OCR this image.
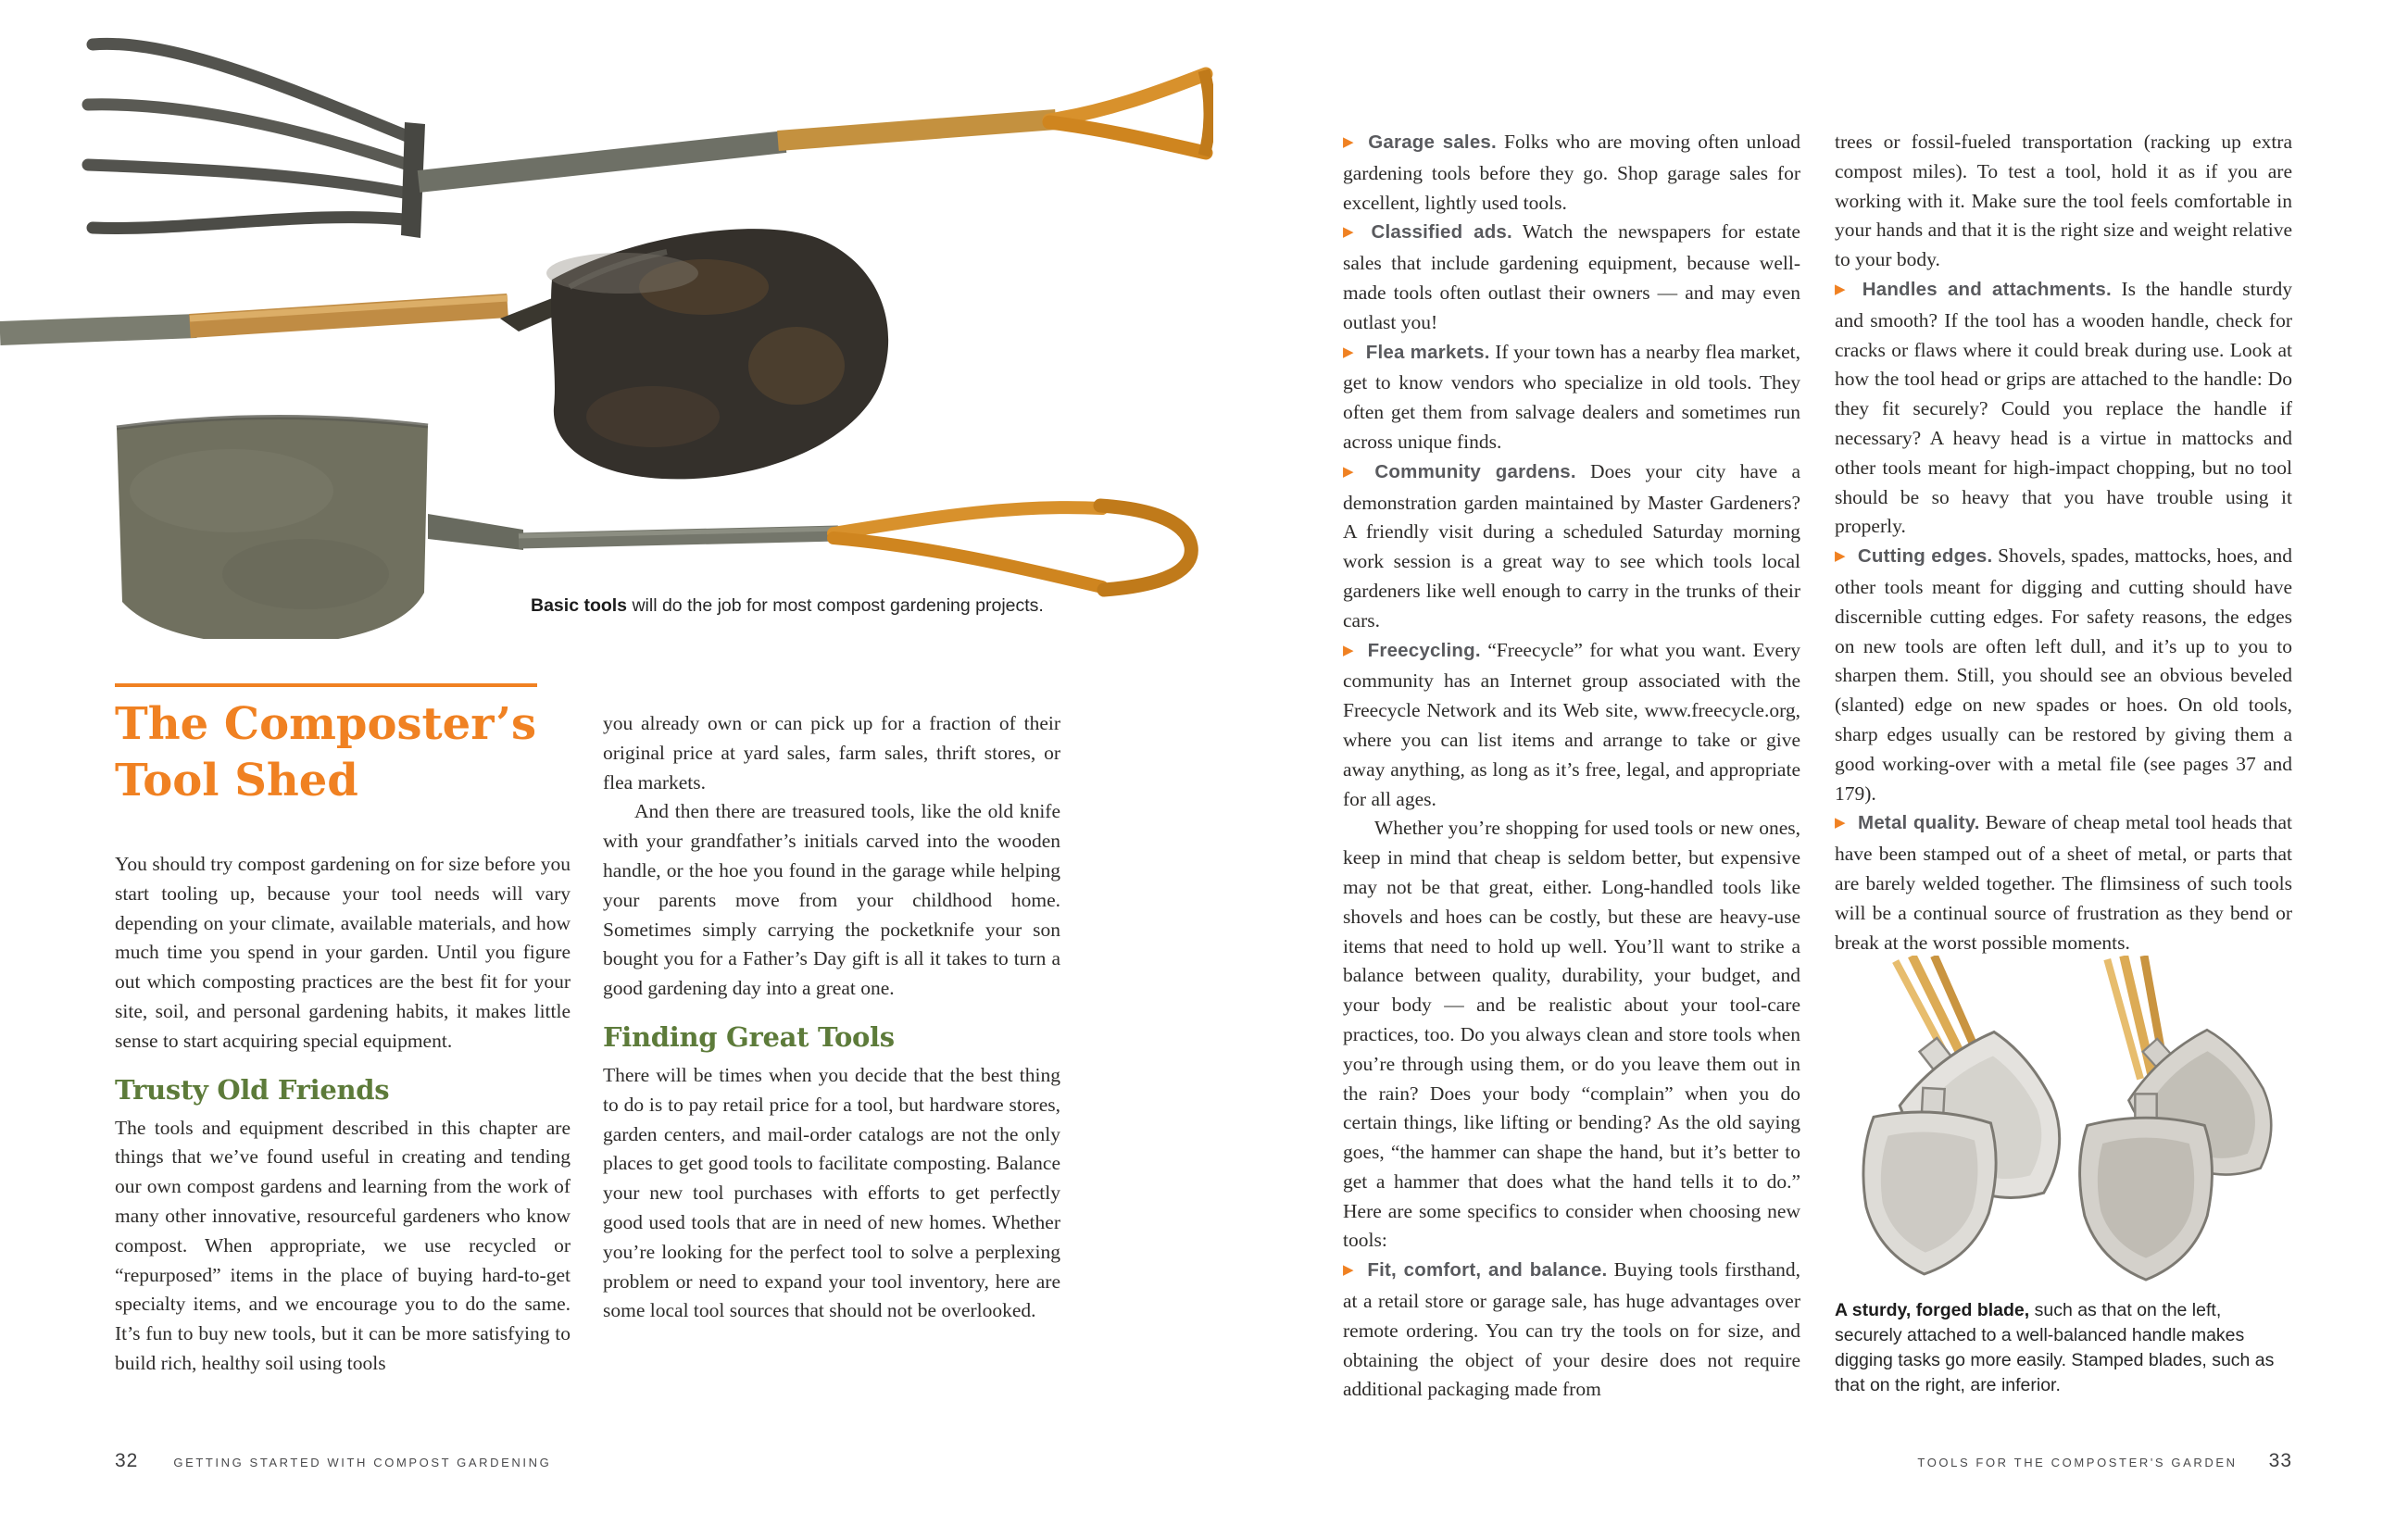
Basic tools will do the job for most compost gardening projects.

The Composter’s
Tool Shed

You should try compost gardening on for size before you start tooling up, because your tool needs will vary depending on your climate, available materials, and how much time you spend in your garden. Until you figure out which composting practices are the best fit for your site, soil, and personal gardening habits, it makes little sense to start acquiring special equipment.

Trusty Old Friends

The tools and equipment described in this chapter are things that we’ve found useful in creating and tending our own compost gardens and learning from the work of many other innovative, resourceful gardeners who know compost. When appropriate, we use recycled or “repurposed” items in the place of buying hard-to-get specialty items, and we encourage you to do the same. It’s fun to buy new tools, but it can be more satisfying to build rich, healthy soil using tools

you already own or can pick up for a fraction of their original price at yard sales, farm sales, thrift stores, or flea markets.

And then there are treasured tools, like the old knife with your grandfather’s initials carved into the wooden handle, or the hoe you found in the garage while helping your parents move from your childhood home. Sometimes simply carrying the pocketknife your son bought you for a Father’s Day gift is all it takes to turn a good gardening day into a great one.

Finding Great Tools

There will be times when you decide that the best thing to do is to pay retail price for a tool, but hardware stores, garden centers, and mail-order catalogs are not the only places to get good tools to facilitate composting. Balance your new tool purchases with efforts to get perfectly good used tools that are in need of new homes. Whether you’re looking for the perfect tool to solve a perplexing problem or need to expand your tool inventory, here are some local tool sources that should not be overlooked.

32	GETTING STARTED WITH COMPOST GARDENING

▶ Garage sales. Folks who are moving often unload gardening tools before they go. Shop garage sales for excellent, lightly used tools.

▶ Classified ads. Watch the newspapers for estate sales that include gardening equipment, because well-made tools often outlast their owners — and may even outlast you!

▶ Flea markets. If your town has a nearby flea market, get to know vendors who specialize in old tools. They often get them from salvage dealers and sometimes run across unique finds.

▶ Community gardens. Does your city have a demonstration garden maintained by Master Gardeners? A friendly visit during a scheduled Saturday morning work session is a great way to see which tools local gardeners like well enough to carry in the trunks of their cars.

▶ Freecycling. “Freecycle” for what you want. Every community has an Internet group associated with the Freecycle Network and its Web site, www.freecycle.org, where you can list items and arrange to take or give away anything, as long as it’s free, legal, and appropriate for all ages.

Whether you’re shopping for used tools or new ones, keep in mind that cheap is seldom better, but expensive may not be that great, either. Long-handled tools like shovels and hoes can be costly, but these are heavy-use items that need to hold up well. You’ll want to strike a balance between quality, durability, your budget, and your body — and be realistic about your tool-care practices, too. Do you always clean and store tools when you’re through using them, or do you leave them out in the rain? Does your body “complain” when you do certain things, like lifting or bending? As the old saying goes, “the hammer can shape the hand, but it’s better to get a hammer that does what the hand tells it to do.” Here are some specifics to consider when choosing new tools:

▶ Fit, comfort, and balance. Buying tools firsthand, at a retail store or garage sale, has huge advantages over remote ordering. You can try the tools on for size, and obtaining the object of your desire does not require additional packaging made from

trees or fossil-fueled transportation (racking up extra compost miles). To test a tool, hold it as if you are working with it. Make sure the tool feels comfortable in your hands and that it is the right size and weight relative to your body.

▶ Handles and attachments. Is the handle sturdy and smooth? If the tool has a wooden handle, check for cracks or flaws where it could break during use. Look at how the tool head or grips are attached to the handle: Do they fit securely? Could you replace the handle if necessary? A heavy head is a virtue in mattocks and other tools meant for high-impact chopping, but no tool should be so heavy that you have trouble using it properly.

▶ Cutting edges. Shovels, spades, mattocks, hoes, and other tools meant for digging and cutting should have discernible cutting edges. For safety reasons, the edges on new tools are often left dull, and it’s up to you to sharpen them. Still, you should see an obvious beveled (slanted) edge on new spades or hoes. On old tools, sharp edges usually can be restored by giving them a good working-over with a metal file (see pages 37 and 179).

▶ Metal quality. Beware of cheap metal tool heads that have been stamped out of a sheet of metal, or parts that are barely welded together. The flimsiness of such tools will be a continual source of frustration as they bend or break at the worst possible moments.

A sturdy, forged blade, such as that on the left, securely attached to a well-balanced handle makes digging tasks go more easily. Stamped blades, such as that on the right, are inferior.

TOOLS FOR THE COMPOSTER'S GARDEN 33
